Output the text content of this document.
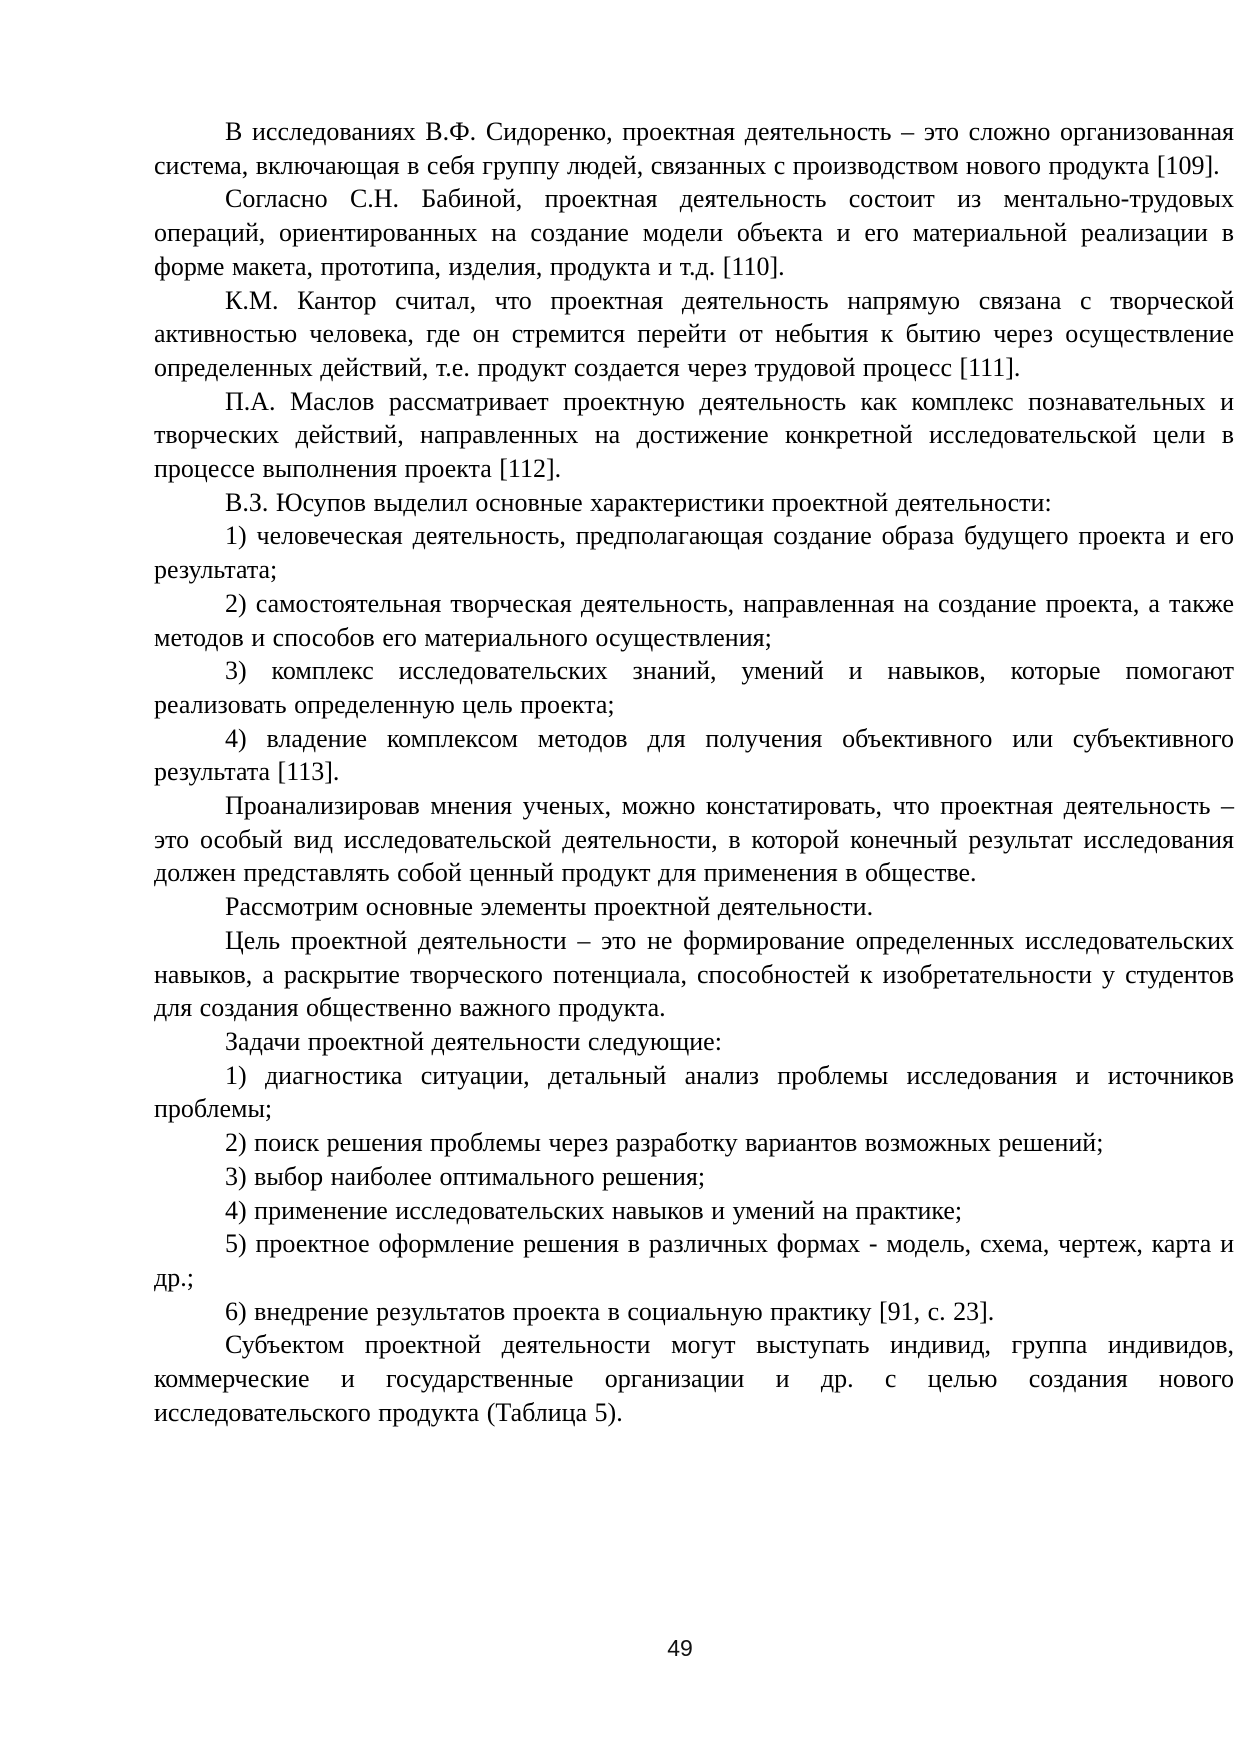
В исследованиях В.Ф. Сидоренко, проектная деятельность – это сложно организованная система, включающая в себя группу людей, связанных с производством нового продукта [109].

Согласно С.Н. Бабиной, проектная деятельность состоит из ментально-трудовых операций, ориентированных на создание модели объекта и его материальной реализации в форме макета, прототипа, изделия, продукта и т.д. [110].

К.М. Кантор считал, что проектная деятельность напрямую связана с творческой активностью человека, где он стремится перейти от небытия к бытию через осуществление определенных действий, т.е. продукт создается через трудовой процесс [111].

П.А. Маслов рассматривает проектную деятельность как комплекс познавательных и творческих действий, направленных на достижение конкретной исследовательской цели в процессе выполнения проекта [112].

В.З. Юсупов выделил основные характеристики проектной деятельности:

1) человеческая деятельность, предполагающая создание образа будущего проекта и его результата;

2) самостоятельная творческая деятельность, направленная на создание проекта, а также методов и способов его материального осуществления;

3) комплекс исследовательских знаний, умений и навыков, которые помогают реализовать определенную цель проекта;

4) владение комплексом методов для получения объективного или субъективного результата [113].

Проанализировав мнения ученых, можно констатировать, что проектная деятельность – это особый вид исследовательской деятельности, в которой конечный результат исследования должен представлять собой ценный продукт для применения в обществе.

Рассмотрим основные элементы проектной деятельности.

Цель проектной деятельности – это не формирование определенных исследовательских навыков, а раскрытие творческого потенциала, способностей к изобретательности у студентов для создания общественно важного продукта.

Задачи проектной деятельности следующие:

1) диагностика ситуации, детальный анализ проблемы исследования и источников проблемы;

2) поиск решения проблемы через разработку вариантов возможных решений;

3) выбор наиболее оптимального решения;

4) применение исследовательских навыков и умений на практике;

5) проектное оформление решения в различных формах - модель, схема, чертеж, карта и др.;

6) внедрение результатов проекта в социальную практику [91, с. 23].

Субъектом проектной деятельности могут выступать индивид, группа индивидов, коммерческие и государственные организации и др. с целью создания нового исследовательского продукта (Таблица 5).

49
